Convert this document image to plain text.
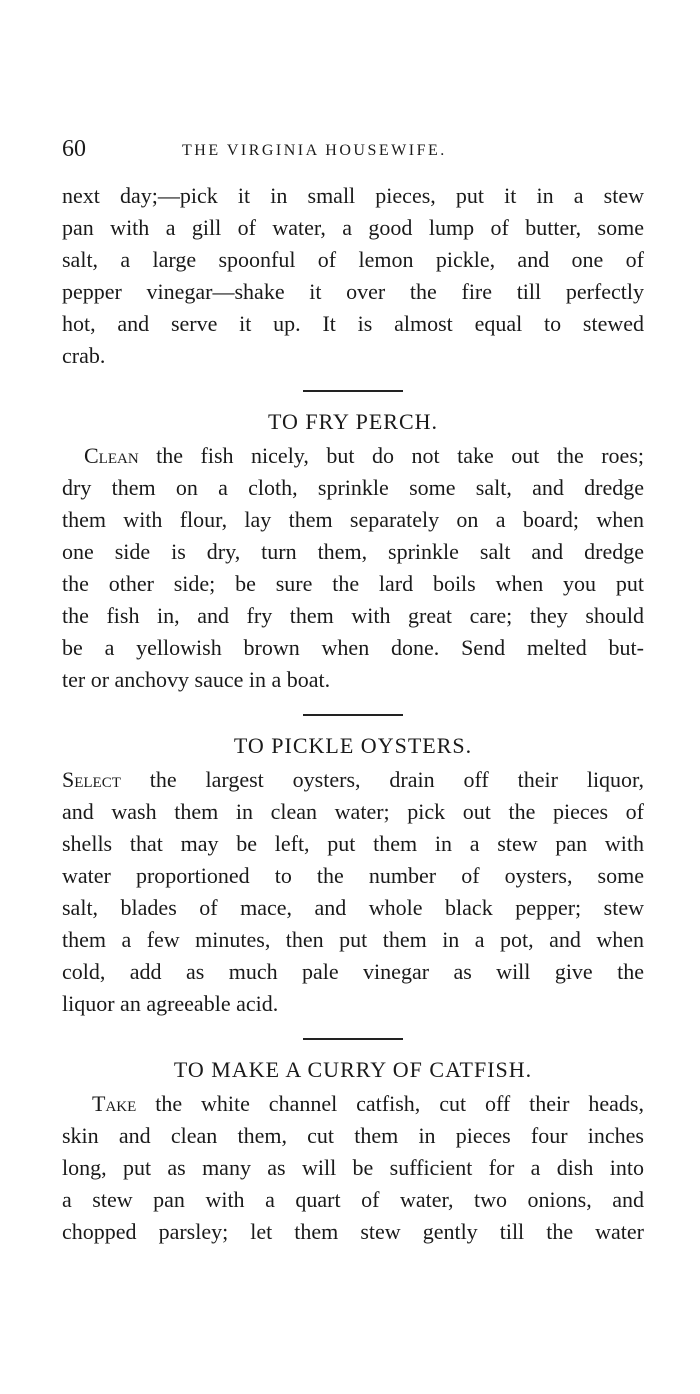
60	THE VIRGINIA HOUSEWIFE.
next day;—pick it in small pieces, put it in a stew
pan with a gill of water, a good lump of butter, some
salt, a large spoonful of lemon pickle, and one of
pepper vinegar—shake it over the fire till perfectly
hot, and serve it up. It is almost equal to stewed
crab.
TO FRY PERCH.
Clean the fish nicely, but do not take out the roes;
dry them on a cloth, sprinkle some salt, and dredge
them with flour, lay them separately on a board; when
one side is dry, turn them, sprinkle salt and dredge
the other side; be sure the lard boils when you put
the fish in, and fry them with great care; they should
be a yellowish brown when done. Send melted but-
ter or anchovy sauce in a boat.
TO PICKLE OYSTERS.
Select the largest oysters, drain off their liquor,
and wash them in clean water; pick out the pieces of
shells that may be left, put them in a stew pan with
water proportioned to the number of oysters, some
salt, blades of mace, and whole black pepper; stew
them a few minutes, then put them in a pot, and when
cold, add as much pale vinegar as will give the
liquor an agreeable acid.
TO MAKE A CURRY OF CATFISH.
Take the white channel catfish, cut off their heads,
skin and clean them, cut them in pieces four inches
long, put as many as will be sufficient for a dish into
a stew pan with a quart of water, two onions, and
chopped parsley; let them stew gently till the water
